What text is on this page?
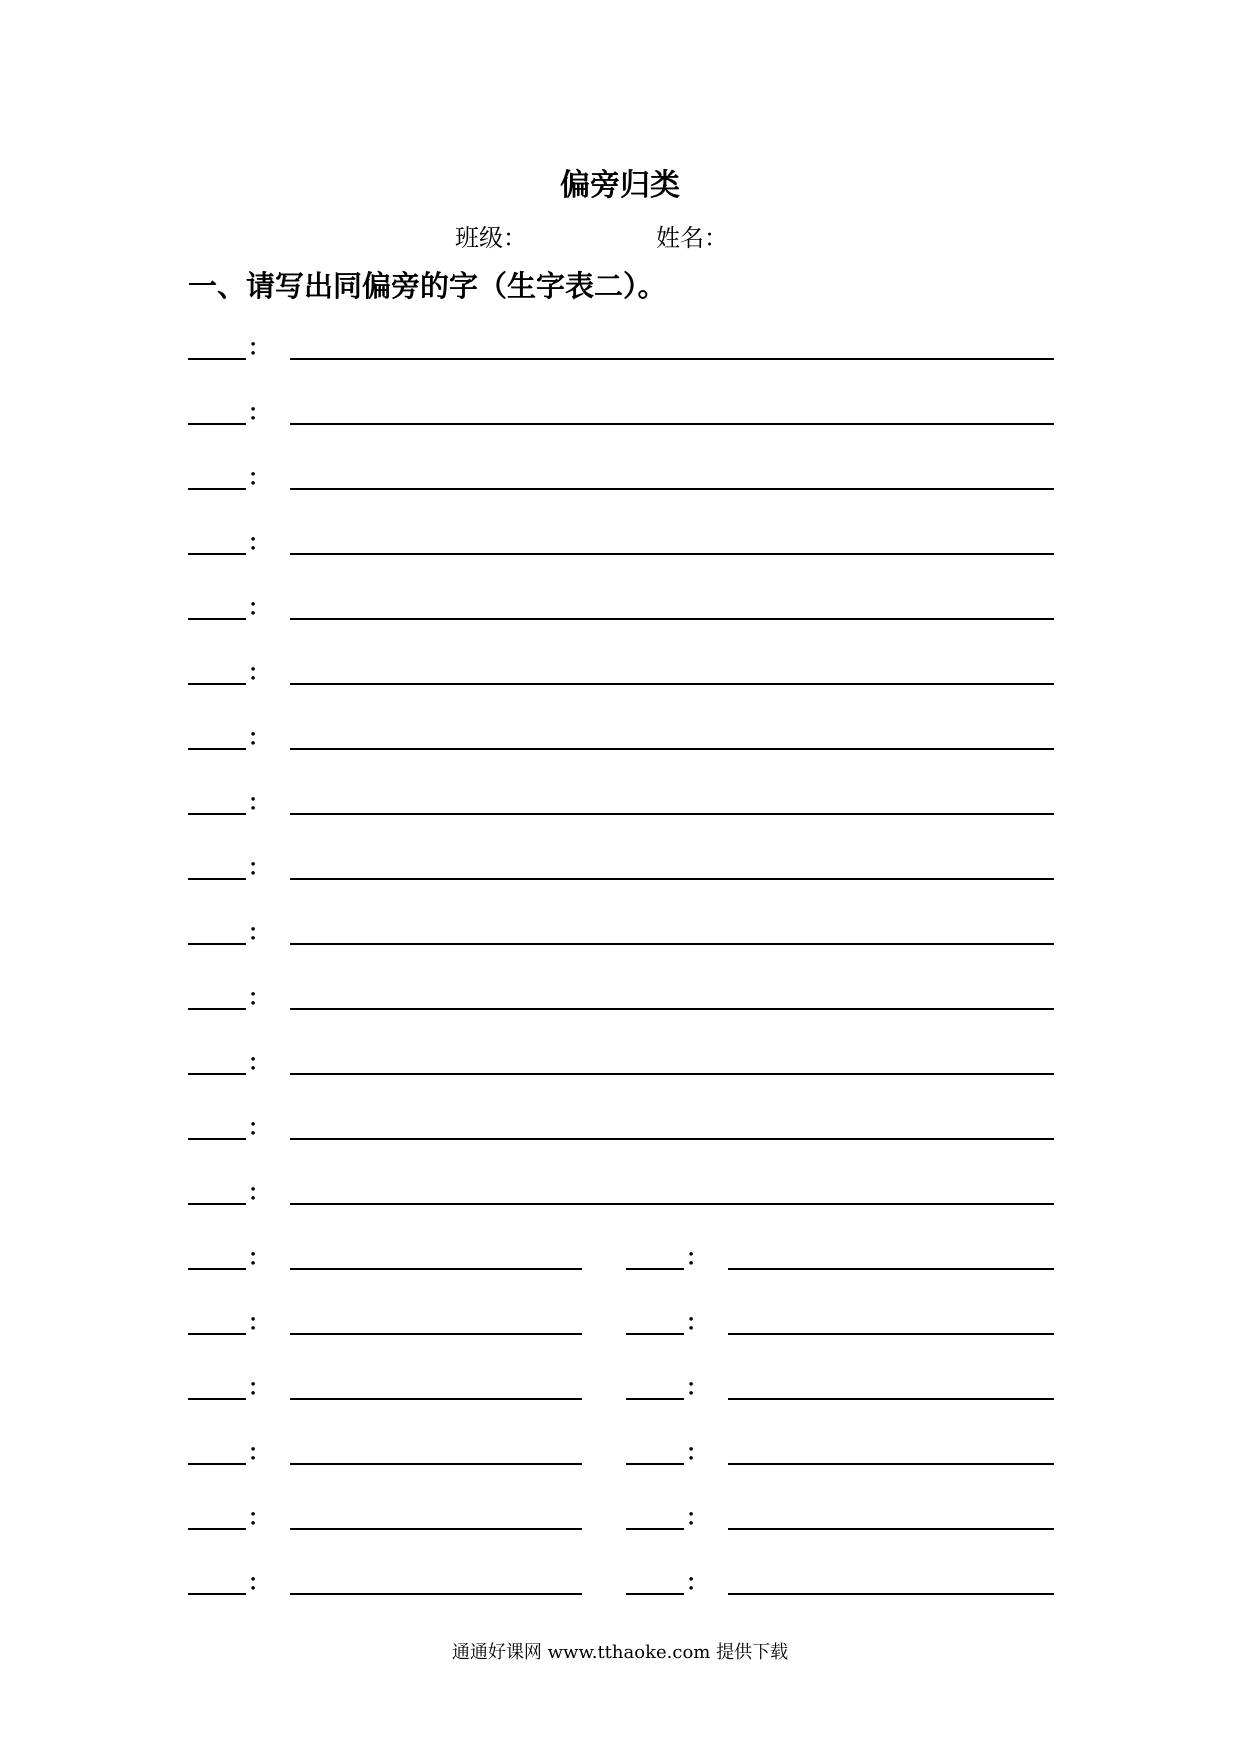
偏旁归类
班级：	姓名：
一、请写出同偏旁的字（生字表二）。
：
：
：
：
：
：
：
：
：
：
：
：
：
：
：	：
：	：
：	：
：	：
：	：
：	：
通通好课网 www.tthaoke.com 提供下载
